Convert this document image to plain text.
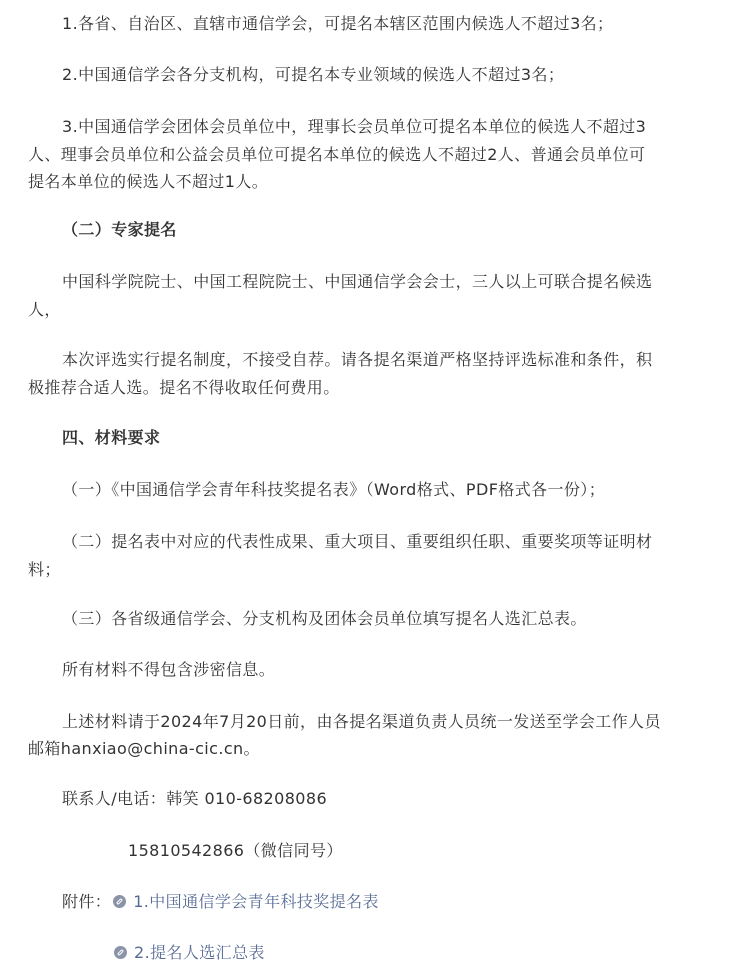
1.各省、自治区、直辖市通信学会，可提名本辖区范围内候选人不超过3名；

2.中国通信学会各分支机构，可提名本专业领域的候选人不超过3名；

3.中国通信学会团体会员单位中，理事长会员单位可提名本单位的候选人不超过3

人、理事会员单位和公益会员单位可提名本单位的候选人不超过2人、普通会员单位可

提名本单位的候选人不超过1人。

（二）专家提名

中国科学院院士、中国工程院院士、中国通信学会会士，三人以上可联合提名候选

人，

本次评选实行提名制度，不接受自荐。请各提名渠道严格坚持评选标准和条件，积

极推荐合适人选。提名不得收取任何费用。

四、材料要求

（一）《中国通信学会青年科技奖提名表》（Word格式、PDF格式各一份）；

（二）提名表中对应的代表性成果、重大项目、重要组织任职、重要奖项等证明材

料；

（三）各省级通信学会、分支机构及团体会员单位填写提名人选汇总表。

所有材料不得包含涉密信息。

上述材料请于2024年7月20日前，由各提名渠道负责人员统一发送至学会工作人员

邮箱hanxiao@china-cic.cn。

联系人/电话：韩笑 010-68208086

15810542866（微信同号）

附件： 1.中国通信学会青年科技奖提名表

2.提名人选汇总表
